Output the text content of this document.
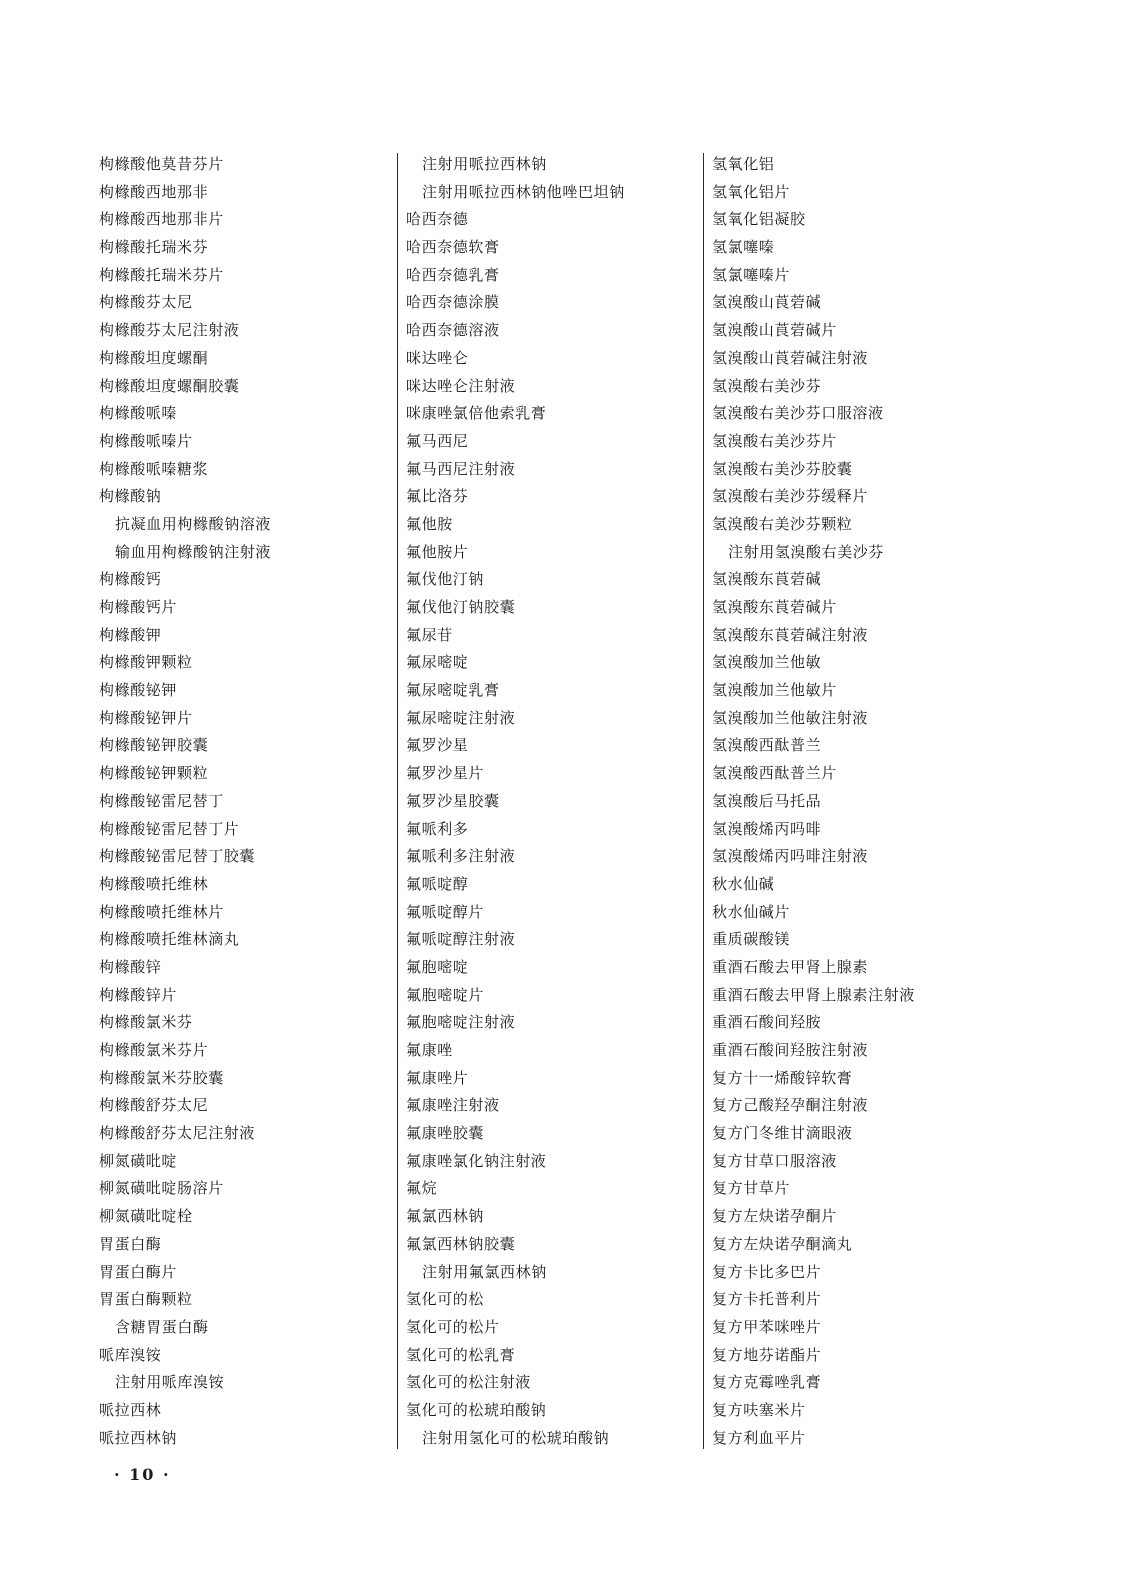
枸橼酸他莫昔芬片
枸橼酸西地那非
枸橼酸西地那非片
枸橼酸托瑞米芬
枸橼酸托瑞米芬片
枸橼酸芬太尼
枸橼酸芬太尼注射液
枸橼酸坦度螺酮
枸橼酸坦度螺酮胶囊
枸橼酸哌嗪
枸橼酸哌嗪片
枸橼酸哌嗪糖浆
枸橼酸钠
抗凝血用枸橼酸钠溶液
输血用枸橼酸钠注射液
枸橼酸钙
枸橼酸钙片
枸橼酸钾
枸橼酸钾颗粒
枸橼酸铋钾
枸橼酸铋钾片
枸橼酸铋钾胶囊
枸橼酸铋钾颗粒
枸橼酸铋雷尼替丁
枸橼酸铋雷尼替丁片
枸橼酸铋雷尼替丁胶囊
枸橼酸喷托维林
枸橼酸喷托维林片
枸橼酸喷托维林滴丸
枸橼酸锌
枸橼酸锌片
枸橼酸氯米芬
枸橼酸氯米芬片
枸橼酸氯米芬胶囊
枸橼酸舒芬太尼
枸橼酸舒芬太尼注射液
柳氮磺吡啶
柳氮磺吡啶肠溶片
柳氮磺吡啶栓
胃蛋白酶
胃蛋白酶片
胃蛋白酶颗粒
含糖胃蛋白酶
哌库溴铵
注射用哌库溴铵
哌拉西林
哌拉西林钠
注射用哌拉西林钠
注射用哌拉西林钠他唑巴坦钠
哈西奈德
哈西奈德软膏
哈西奈德乳膏
哈西奈德涂膜
哈西奈德溶液
咪达唑仑
咪达唑仑注射液
咪康唑氯倍他索乳膏
氟马西尼
氟马西尼注射液
氟比洛芬
氟他胺
氟他胺片
氟伐他汀钠
氟伐他汀钠胶囊
氟尿苷
氟尿嘧啶
氟尿嘧啶乳膏
氟尿嘧啶注射液
氟罗沙星
氟罗沙星片
氟罗沙星胶囊
氟哌利多
氟哌利多注射液
氟哌啶醇
氟哌啶醇片
氟哌啶醇注射液
氟胞嘧啶
氟胞嘧啶片
氟胞嘧啶注射液
氟康唑
氟康唑片
氟康唑注射液
氟康唑胶囊
氟康唑氯化钠注射液
氟烷
氟氯西林钠
氟氯西林钠胶囊
注射用氟氯西林钠
氢化可的松
氢化可的松片
氢化可的松乳膏
氢化可的松注射液
氢化可的松琥珀酸钠
注射用氢化可的松琥珀酸钠
氢氧化铝
氢氧化铝片
氢氧化铝凝胶
氢氯噻嗪
氢氯噻嗪片
氢溴酸山莨菪碱
氢溴酸山莨菪碱片
氢溴酸山莨菪碱注射液
氢溴酸右美沙芬
氢溴酸右美沙芬口服溶液
氢溴酸右美沙芬片
氢溴酸右美沙芬胶囊
氢溴酸右美沙芬缓释片
氢溴酸右美沙芬颗粒
注射用氢溴酸右美沙芬
氢溴酸东莨菪碱
氢溴酸东莨菪碱片
氢溴酸东莨菪碱注射液
氢溴酸加兰他敏
氢溴酸加兰他敏片
氢溴酸加兰他敏注射液
氢溴酸西酞普兰
氢溴酸西酞普兰片
氢溴酸后马托品
氢溴酸烯丙吗啡
氢溴酸烯丙吗啡注射液
秋水仙碱
秋水仙碱片
重质碳酸镁
重酒石酸去甲肾上腺素
重酒石酸去甲肾上腺素注射液
重酒石酸间羟胺
重酒石酸间羟胺注射液
复方十一烯酸锌软膏
复方己酸羟孕酮注射液
复方门冬维甘滴眼液
复方甘草口服溶液
复方甘草片
复方左炔诺孕酮片
复方左炔诺孕酮滴丸
复方卡比多巴片
复方卡托普利片
复方甲苯咪唑片
复方地芬诺酯片
复方克霉唑乳膏
复方呋塞米片
复方利血平片
· 10 ·
